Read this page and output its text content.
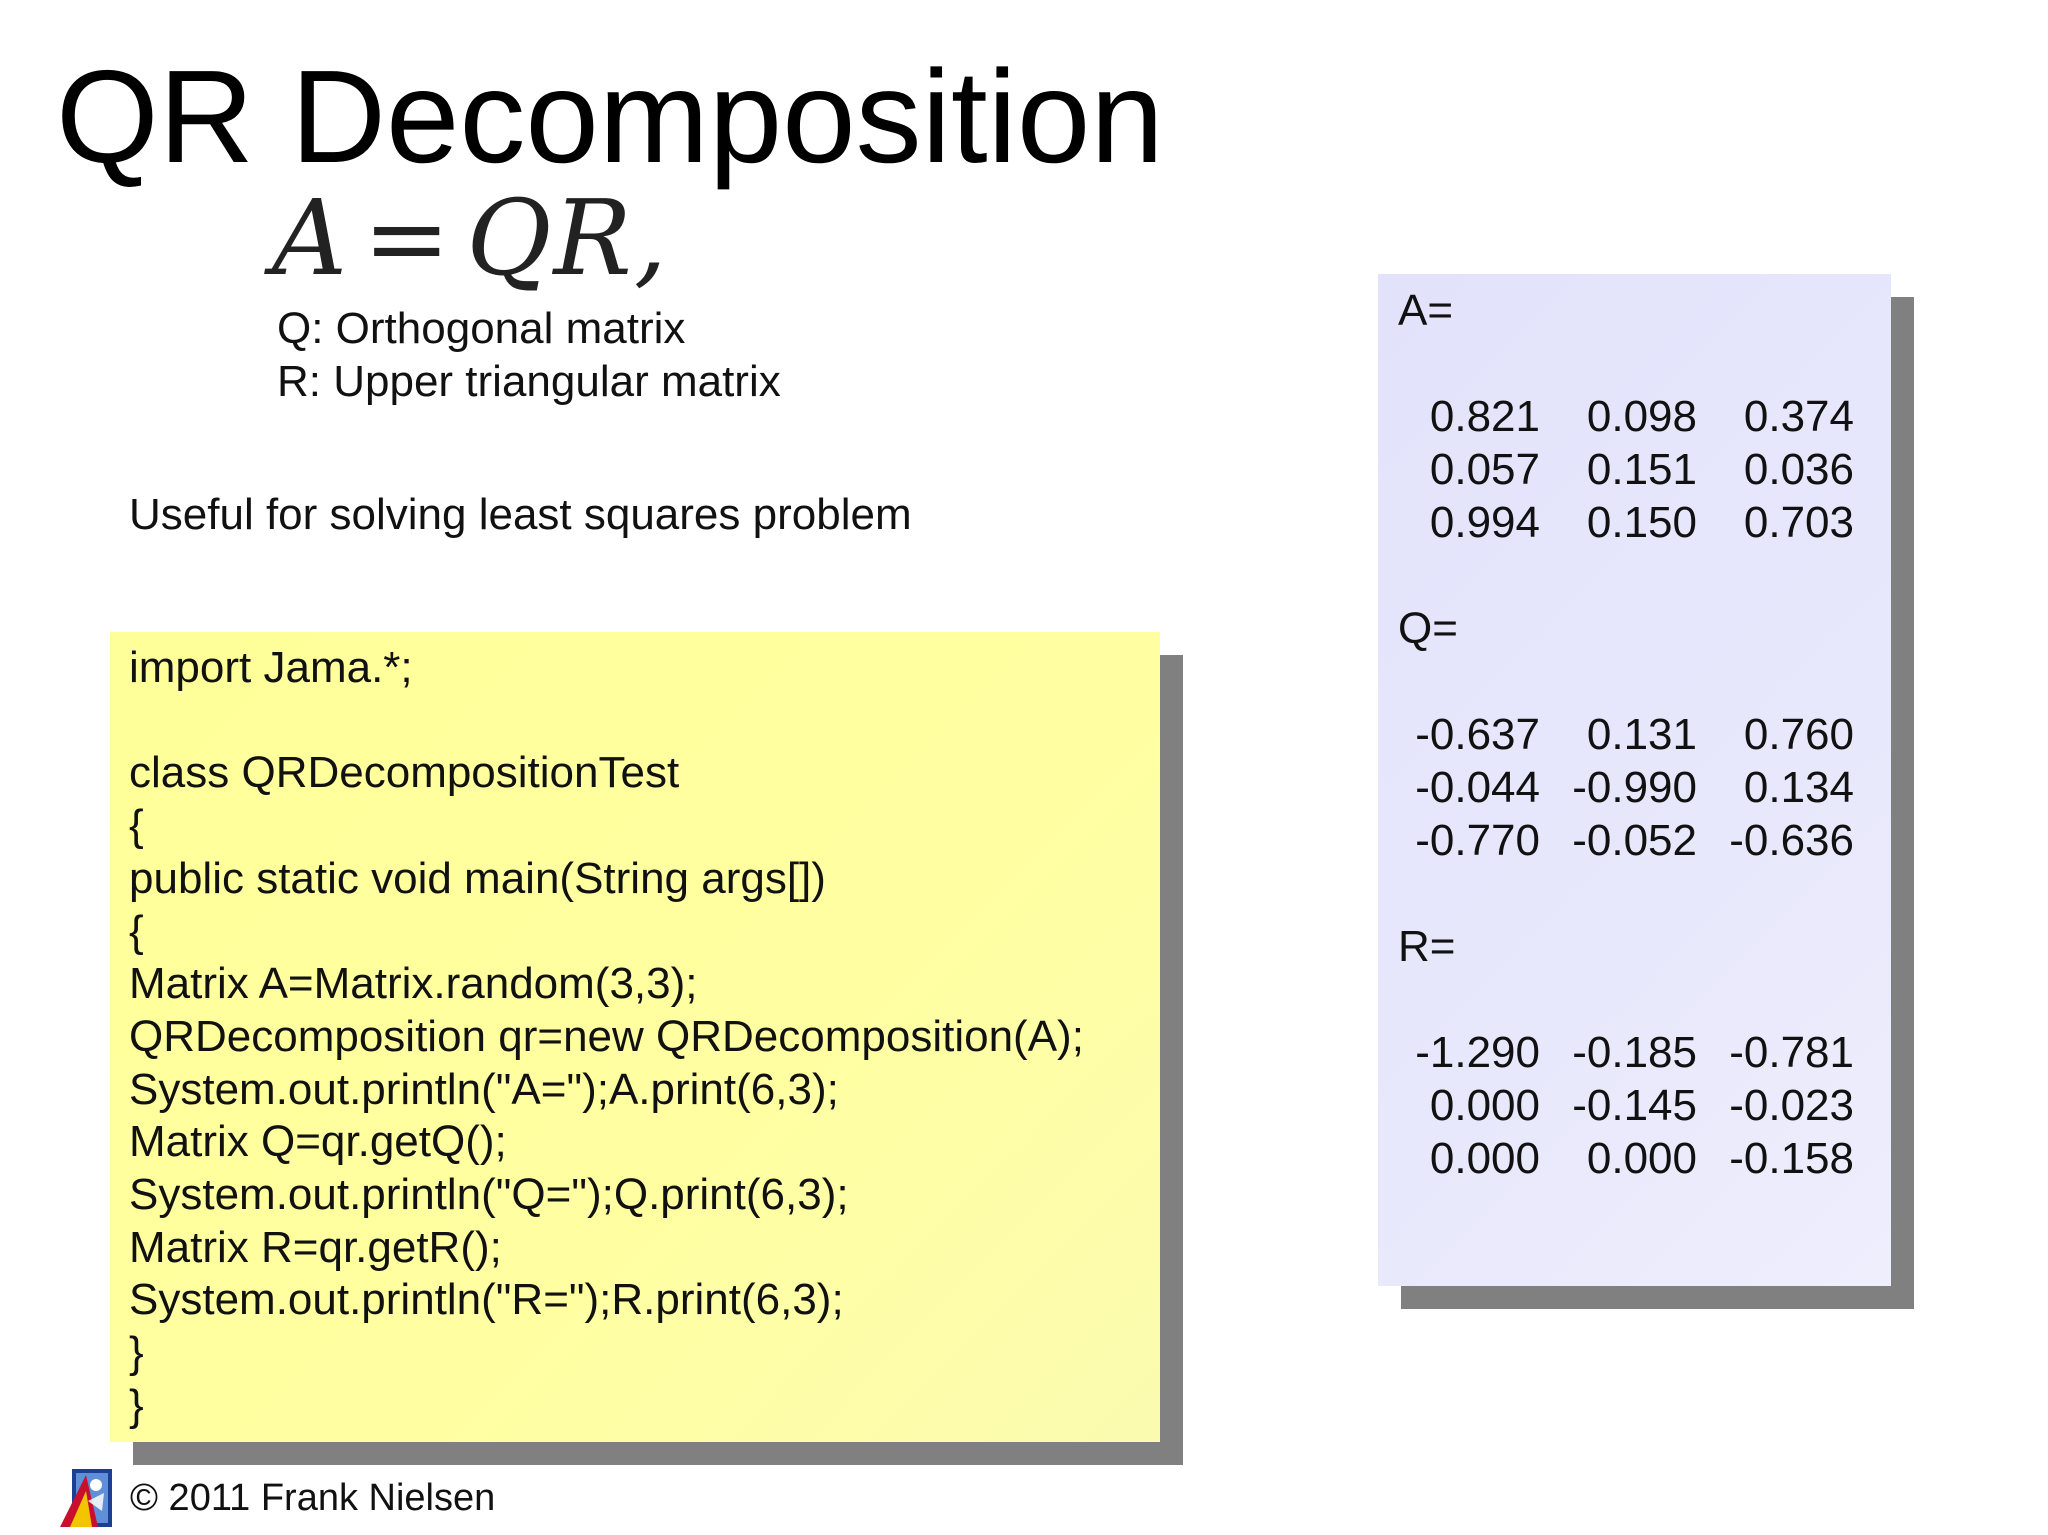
QR Decomposition
A = QR,
Q: Orthogonal matrix
R: Upper triangular matrix
Useful for solving least squares problem
import Jama.*;
class QRDecompositionTest
{
public static void main(String args[])
{
Matrix A=Matrix.random(3,3);
QRDecomposition qr=new QRDecomposition(A);
System.out.println("A=");A.print(6,3);
Matrix Q=qr.getQ();
System.out.println("Q=");Q.print(6,3);
Matrix R=qr.getR();
System.out.println("R=");R.print(6,3);
}
}
A=
0.821	0.098	0.374
0.057	0.151	0.036
0.994	0.150	0.703
Q=
-0.637	0.131	0.760
-0.044 -0.990	0.134
-0.770 -0.052 -0.636
R=
-1.290 -0.185 -0.781
0.000 -0.145 -0.023
0.000	0.000 -0.158
© 2011 Frank Nielsen
